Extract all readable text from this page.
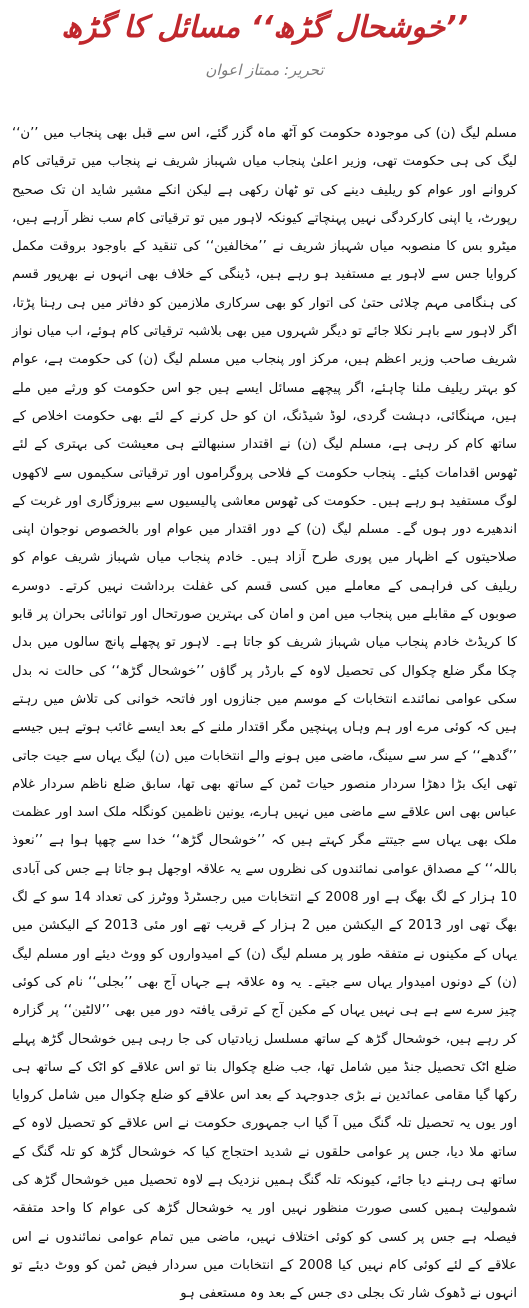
’’خوشحال گڑھ‘‘ مسائل کا گڑھ
تحریر: ممتاز اعوان

مسلم لیگ (ن) کی موجودہ حکومت کو آٹھ ماہ گزر گئے، اس سے قبل بھی پنجاب میں ’’ن‘‘ لیگ کی ہی حکومت تھی، وزیر اعلیٰ پنجاب میاں شہباز شریف نے پنجاب میں ترقیاتی کام کروانے اور عوام کو ریلیف دینے کی تو ٹھان رکھی ہے لیکن انکے مشیر شاید ان تک صحیح رپورٹ، یا اپنی کارکردگی نہیں پہنچاتے کیونکہ لاہور میں تو ترقیاتی کام سب نظر آرہے ہیں، میٹرو بس کا منصوبہ میاں شہباز شریف نے ’’مخالفین‘‘ کی تنقید کے باوجود بروقت مکمل کروایا جس سے لاہور یے مستفید ہو رہے ہیں، ڈینگی کے خلاف بھی انہوں نے بھرپور قسم کی ہنگامی مہم چلائی حتیٰ کی اتوار کو بھی سرکاری ملازمین کو دفاتر میں ہی رہنا پڑتا، اگر لاہور سے باہر نکلا جائے تو دیگر شہروں میں بھی بلاشبہ ترقیاتی کام ہوئے، اب میاں نواز شریف صاحب وزیر اعظم ہیں، مرکز اور پنجاب میں مسلم لیگ (ن) کی حکومت ہے، عوام کو بہتر ریلیف ملنا چاہئے، اگر پیچھے مسائل ایسے ہیں جو اس حکومت کو ورثے میں ملے ہیں، مہنگائی، دہشت گردی، لوڈ شیڈنگ، ان کو حل کرنے کے لئے بھی حکومت اخلاص کے ساتھ کام کر رہی ہے، مسلم لیگ (ن) نے اقتدار سنبھالتے ہی معیشت کی بہتری کے لئے ٹھوس اقدامات کیئے۔ پنجاب حکومت کے فلاحی پروگراموں اور ترقیاتی سکیموں سے لاکھوں لوگ مستفید ہو رہے ہیں۔ حکومت کی ٹھوس معاشی پالیسیوں سے بیروزگاری اور غربت کے اندھیرے دور ہوں گے۔ مسلم لیگ (ن) کے دور اقتدار میں عوام اور بالخصوص نوجوان اپنی صلاحیتوں کے اظہار میں پوری طرح آزاد ہیں۔ خادم پنجاب میاں شہباز شریف عوام کو ریلیف کی فراہمی کے معاملے میں کسی قسم کی غفلت برداشت نہیں کرتے۔ دوسرے صوبوں کے مقابلے میں پنجاب میں امن و امان کی بہترین صورتحال اور توانائی بحران پر قابو کا کریڈٹ خادم پنجاب میاں شہباز شریف کو جاتا ہے۔ لاہور تو پچھلے پانچ سالوں میں بدل چکا مگر ضلع چکوال کی تحصیل لاوہ کے بارڈر پر گاؤں ’’خوشحال گڑھ‘‘ کی حالت نہ بدل سکی عوامی نمائندے انتخابات کے موسم میں جنازوں اور فاتحہ خوانی کی تلاش میں رہتے ہیں کہ کوئی مرے اور ہم وہاں پہنچیں مگر اقتدار ملنے کے بعد ایسے غائب ہوتے ہیں جیسے ’’گدھے‘‘ کے سر سے سینگ، ماضی میں ہونے والے انتخابات میں (ن) لیگ یہاں سے جیت جاتی تھی ایک بڑا دھڑا سردار منصور حیات ٹمن کے ساتھ بھی تھا، سابق ضلع ناظم سردار غلام عباس بھی اس علاقے سے ماضی میں نہیں ہارے، یونین ناظمین کونگلہ ملک اسد اور عظمت ملک بھی یہاں سے جیتتے مگر کہتے ہیں کہ ’’خوشحال گڑھ‘‘ خدا سے چھپا ہوا ہے ’’نعوذ باللہ‘‘ کے مصداق عوامی نمائندوں کی نظروں سے یہ علاقہ اوجھل ہو جاتا ہے جس کی آبادی 10 ہزار کے لگ بھگ ہے اور 2008 کے انتخابات میں رجسٹرڈ ووٹرز کی تعداد 14 سو کے لگ بھگ تھی اور 2013 کے الیکشن میں 2 ہزار کے قریب تھے اور مئی 2013 کے الیکشن میں یہاں کے مکینوں نے متفقہ طور پر مسلم لیگ (ن) کے امیدواروں کو ووٹ دیئے اور مسلم لیگ (ن) کے دونوں امیدوار یہاں سے جیتے۔ یہ وہ علاقہ ہے جہاں آج بھی ’’بجلی‘‘ نام کی کوئی چیز سرے سے ہے ہی نہیں یہاں کے مکین آج کے ترقی یافتہ دور میں بھی ’’لالٹین‘‘ پر گزارہ کر رہے ہیں، خوشحال گڑھ کے ساتھ مسلسل زیادتیاں کی جا رہی ہیں خوشحال گڑھ پہلے ضلع اٹک تحصیل جنڈ میں شامل تھا، جب ضلع چکوال بنا تو اس علاقے کو اٹک کے ساتھ ہی رکھا گیا مقامی عمائدین نے بڑی جدوجہد کے بعد اس علاقے کو ضلع چکوال میں شامل کروایا اور یوں یہ تحصیل تلہ گنگ میں آ گیا اب جمہوری حکومت نے اس علاقے کو تحصیل لاوہ کے ساتھ ملا دیا، جس پر عوامی حلقوں نے شدید احتجاج کیا کہ خوشحال گڑھ کو تلہ گنگ کے ساتھ ہی رہنے دیا جائے، کیونکہ تلہ گنگ ہمیں نزدیک ہے لاوہ تحصیل میں خوشحال گڑھ کی شمولیت ہمیں کسی صورت منظور نہیں اور یہ خوشحال گڑھ کی عوام کا واحد متفقہ فیصلہ ہے جس پر کسی کو کوئی اختلاف نہیں، ماضی میں تمام عوامی نمائندوں نے اس علاقے کے لئے کوئی کام نہیں کیا 2008 کے انتخابات میں سردار فیض ٹمن کو ووٹ دیئے تو انہوں نے ڈھوک شار تک بجلی دی جس کے بعد وہ مستعفی ہو
